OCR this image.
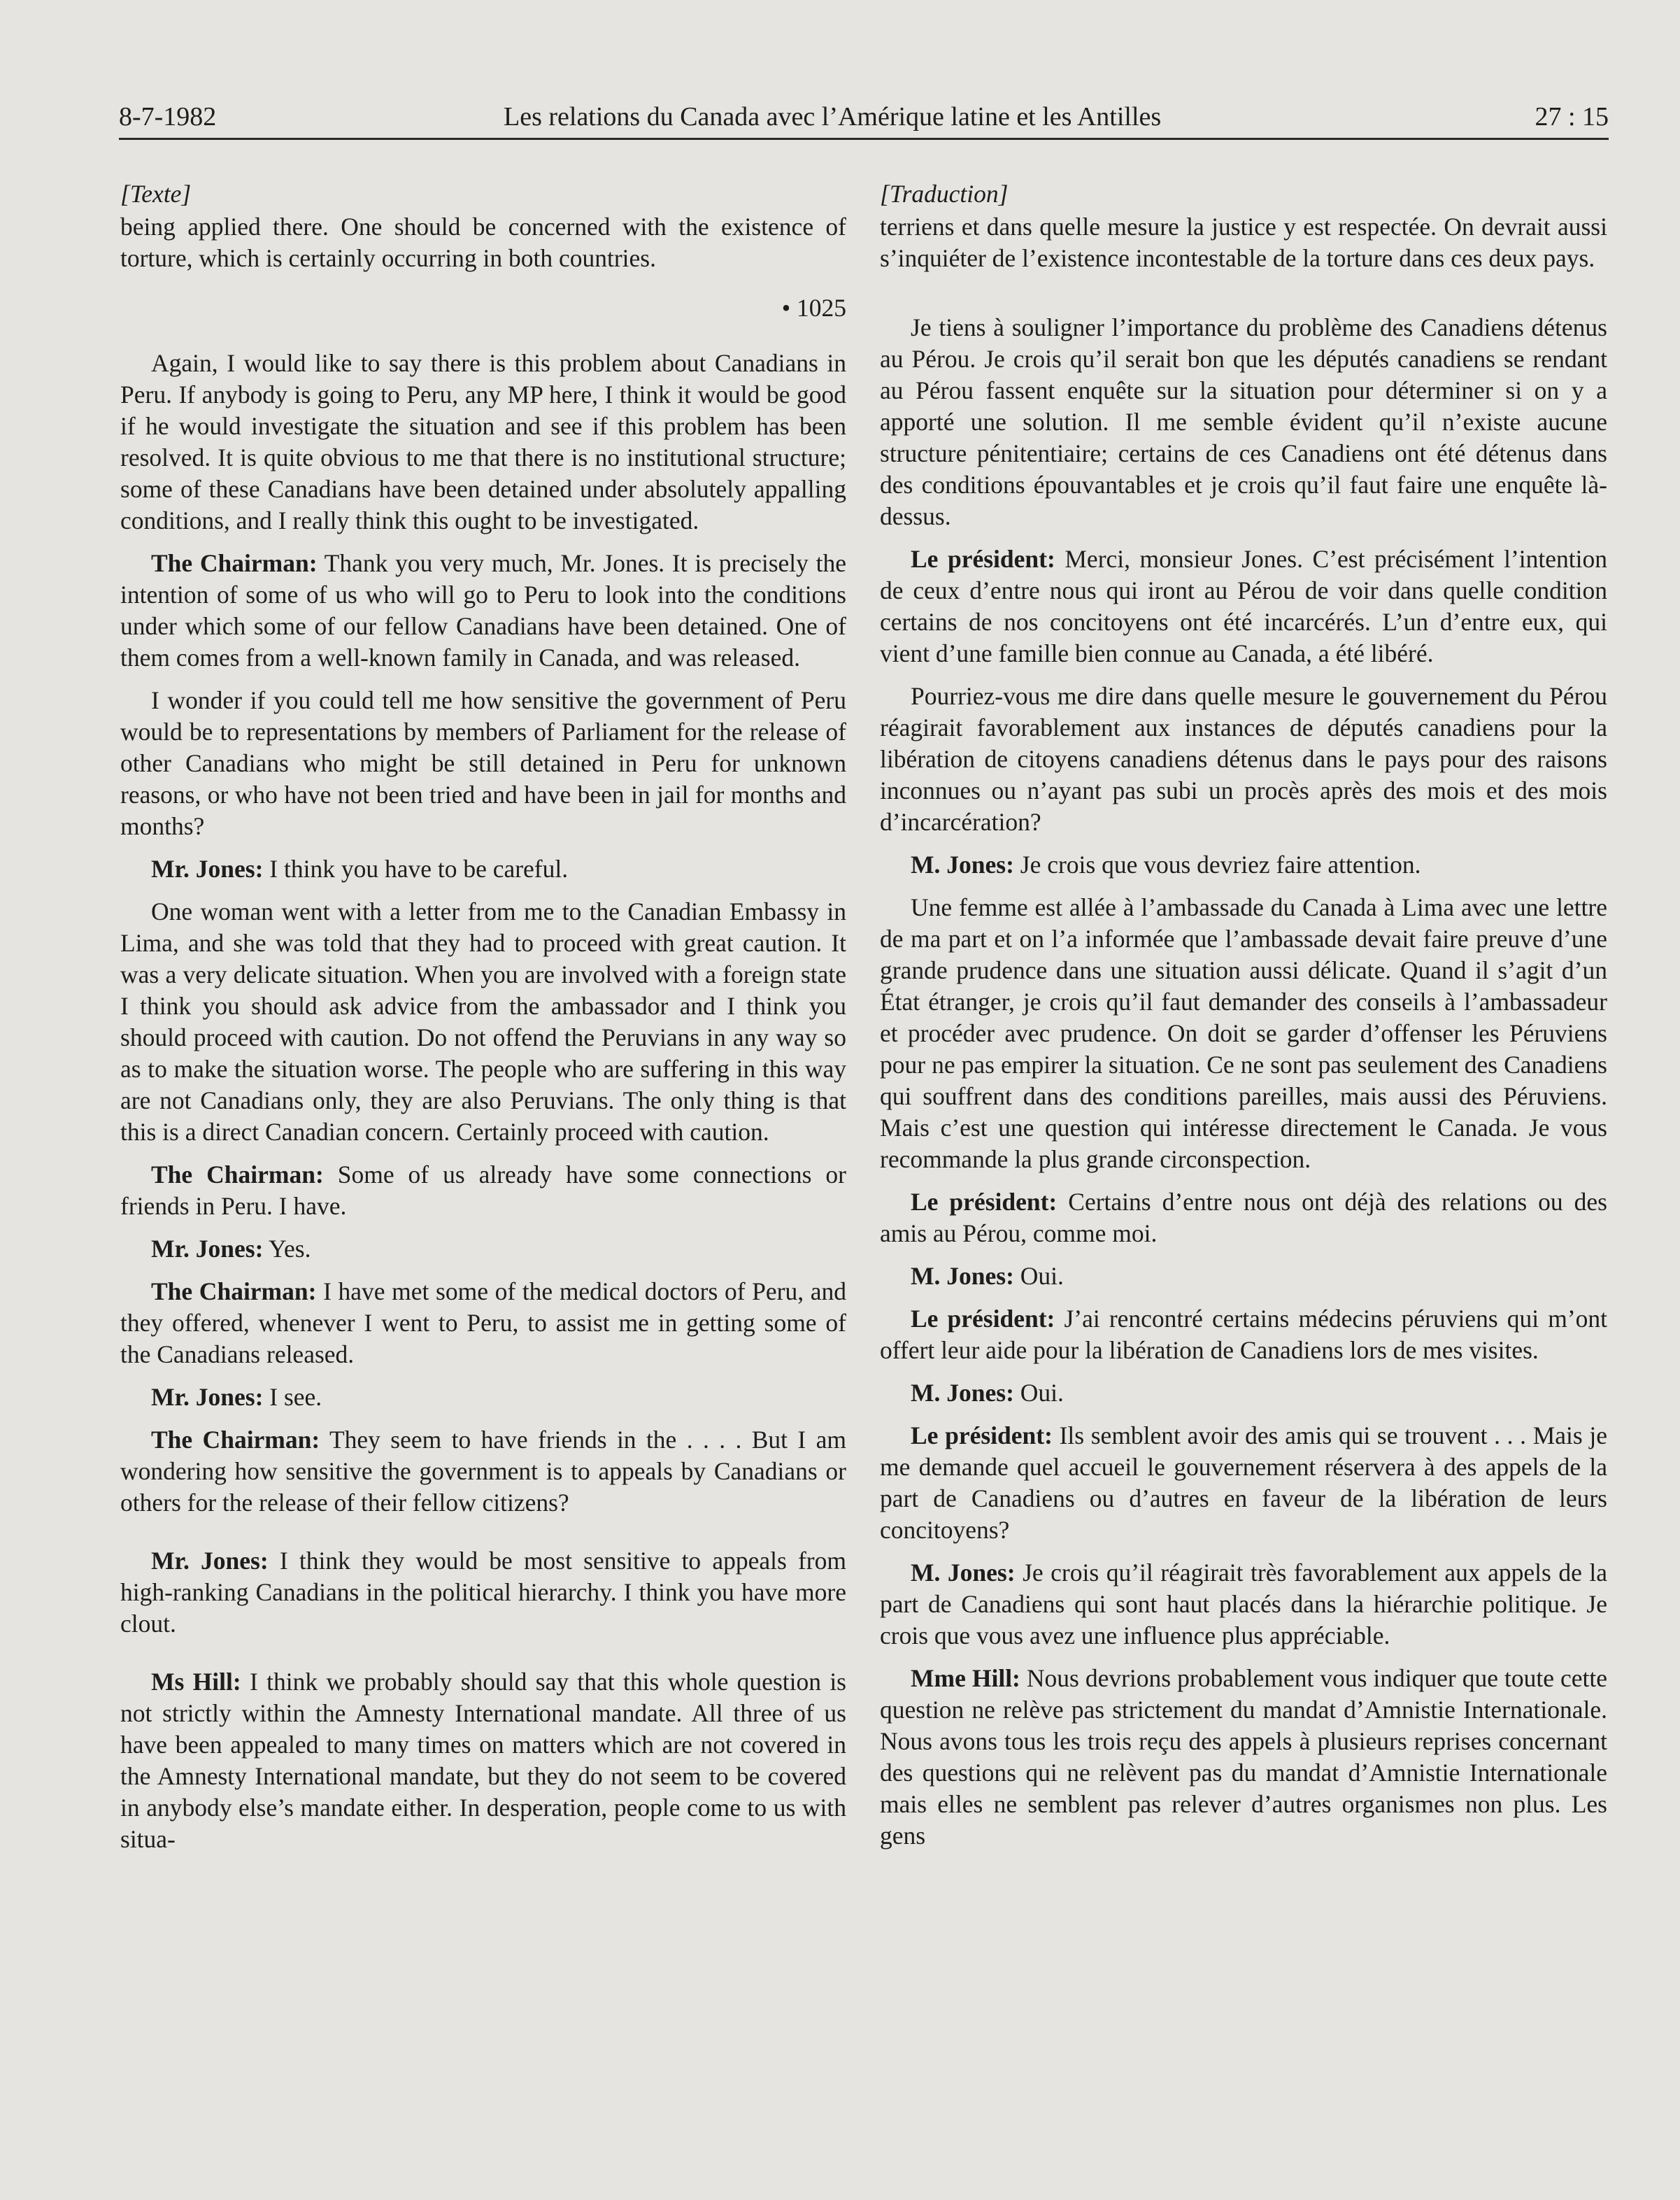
8-7-1982	Les relations du Canada avec l’Amérique latine et les Antilles	27 : 15

[Texte]

being applied there. One should be concerned with the existence of torture, which is certainly occurring in both countries.

• 1025

Again, I would like to say there is this problem about Canadians in Peru. If anybody is going to Peru, any MP here, I think it would be good if he would investigate the situation and see if this problem has been resolved. It is quite obvious to me that there is no institutional structure; some of these Canadians have been detained under absolutely appalling conditions, and I really think this ought to be investigated.

The Chairman: Thank you very much, Mr. Jones. It is precisely the intention of some of us who will go to Peru to look into the conditions under which some of our fellow Canadians have been detained. One of them comes from a well-known family in Canada, and was released.

I wonder if you could tell me how sensitive the government of Peru would be to representations by members of Parliament for the release of other Canadians who might be still detained in Peru for unknown reasons, or who have not been tried and have been in jail for months and months?

Mr. Jones: I think you have to be careful.

One woman went with a letter from me to the Canadian Embassy in Lima, and she was told that they had to proceed with great caution. It was a very delicate situation. When you are involved with a foreign state I think you should ask advice from the ambassador and I think you should proceed with caution. Do not offend the Peruvians in any way so as to make the situation worse. The people who are suffering in this way are not Canadians only, they are also Peruvians. The only thing is that this is a direct Canadian concern. Certainly proceed with caution.

The Chairman: Some of us already have some connections or friends in Peru. I have.

Mr. Jones: Yes.

The Chairman: I have met some of the medical doctors of Peru, and they offered, whenever I went to Peru, to assist me in getting some of the Canadians released.

Mr. Jones: I see.

The Chairman: They seem to have friends in the . . . . But I am wondering how sensitive the government is to appeals by Canadians or others for the release of their fellow citizens?

Mr. Jones: I think they would be most sensitive to appeals from high-ranking Canadians in the political hierarchy. I think you have more clout.

Ms Hill: I think we probably should say that this whole question is not strictly within the Amnesty International mandate. All three of us have been appealed to many times on matters which are not covered in the Amnesty International mandate, but they do not seem to be covered in anybody else’s mandate either. In desperation, people come to us with situa-

[Traduction]

terriens et dans quelle mesure la justice y est respectée. On devrait aussi s’inquiéter de l’existence incontestable de la torture dans ces deux pays.

Je tiens à souligner l’importance du problème des Canadiens détenus au Pérou. Je crois qu’il serait bon que les députés canadiens se rendant au Pérou fassent enquête sur la situation pour déterminer si on y a apporté une solution. Il me semble évident qu’il n’existe aucune structure pénitentiaire; certains de ces Canadiens ont été détenus dans des conditions épouvantables et je crois qu’il faut faire une enquête là-dessus.

Le président: Merci, monsieur Jones. C’est précisément l’intention de ceux d’entre nous qui iront au Pérou de voir dans quelle condition certains de nos concitoyens ont été incarcérés. L’un d’entre eux, qui vient d’une famille bien connue au Canada, a été libéré.

Pourriez-vous me dire dans quelle mesure le gouvernement du Pérou réagirait favorablement aux instances de députés canadiens pour la libération de citoyens canadiens détenus dans le pays pour des raisons inconnues ou n’ayant pas subi un procès après des mois et des mois d’incarcération?

M. Jones: Je crois que vous devriez faire attention.

Une femme est allée à l’ambassade du Canada à Lima avec une lettre de ma part et on l’a informée que l’ambassade devait faire preuve d’une grande prudence dans une situation aussi délicate. Quand il s’agit d’un État étranger, je crois qu’il faut demander des conseils à l’ambassadeur et procéder avec prudence. On doit se garder d’offenser les Péruviens pour ne pas empirer la situation. Ce ne sont pas seulement des Canadiens qui souffrent dans des conditions pareilles, mais aussi des Péruviens. Mais c’est une question qui intéresse directement le Canada. Je vous recommande la plus grande circonspection.

Le président: Certains d’entre nous ont déjà des relations ou des amis au Pérou, comme moi.

M. Jones: Oui.

Le président: J’ai rencontré certains médecins péruviens qui m’ont offert leur aide pour la libération de Canadiens lors de mes visites.

M. Jones: Oui.

Le président: Ils semblent avoir des amis qui se trouvent . . . Mais je me demande quel accueil le gouvernement réservera à des appels de la part de Canadiens ou d’autres en faveur de la libération de leurs concitoyens?

M. Jones: Je crois qu’il réagirait très favorablement aux appels de la part de Canadiens qui sont haut placés dans la hiérarchie politique. Je crois que vous avez une influence plus appréciable.

Mme Hill: Nous devrions probablement vous indiquer que toute cette question ne relève pas strictement du mandat d’Amnistie Internationale. Nous avons tous les trois reçu des appels à plusieurs reprises concernant des questions qui ne relèvent pas du mandat d’Amnistie Internationale mais elles ne semblent pas relever d’autres organismes non plus. Les gens
